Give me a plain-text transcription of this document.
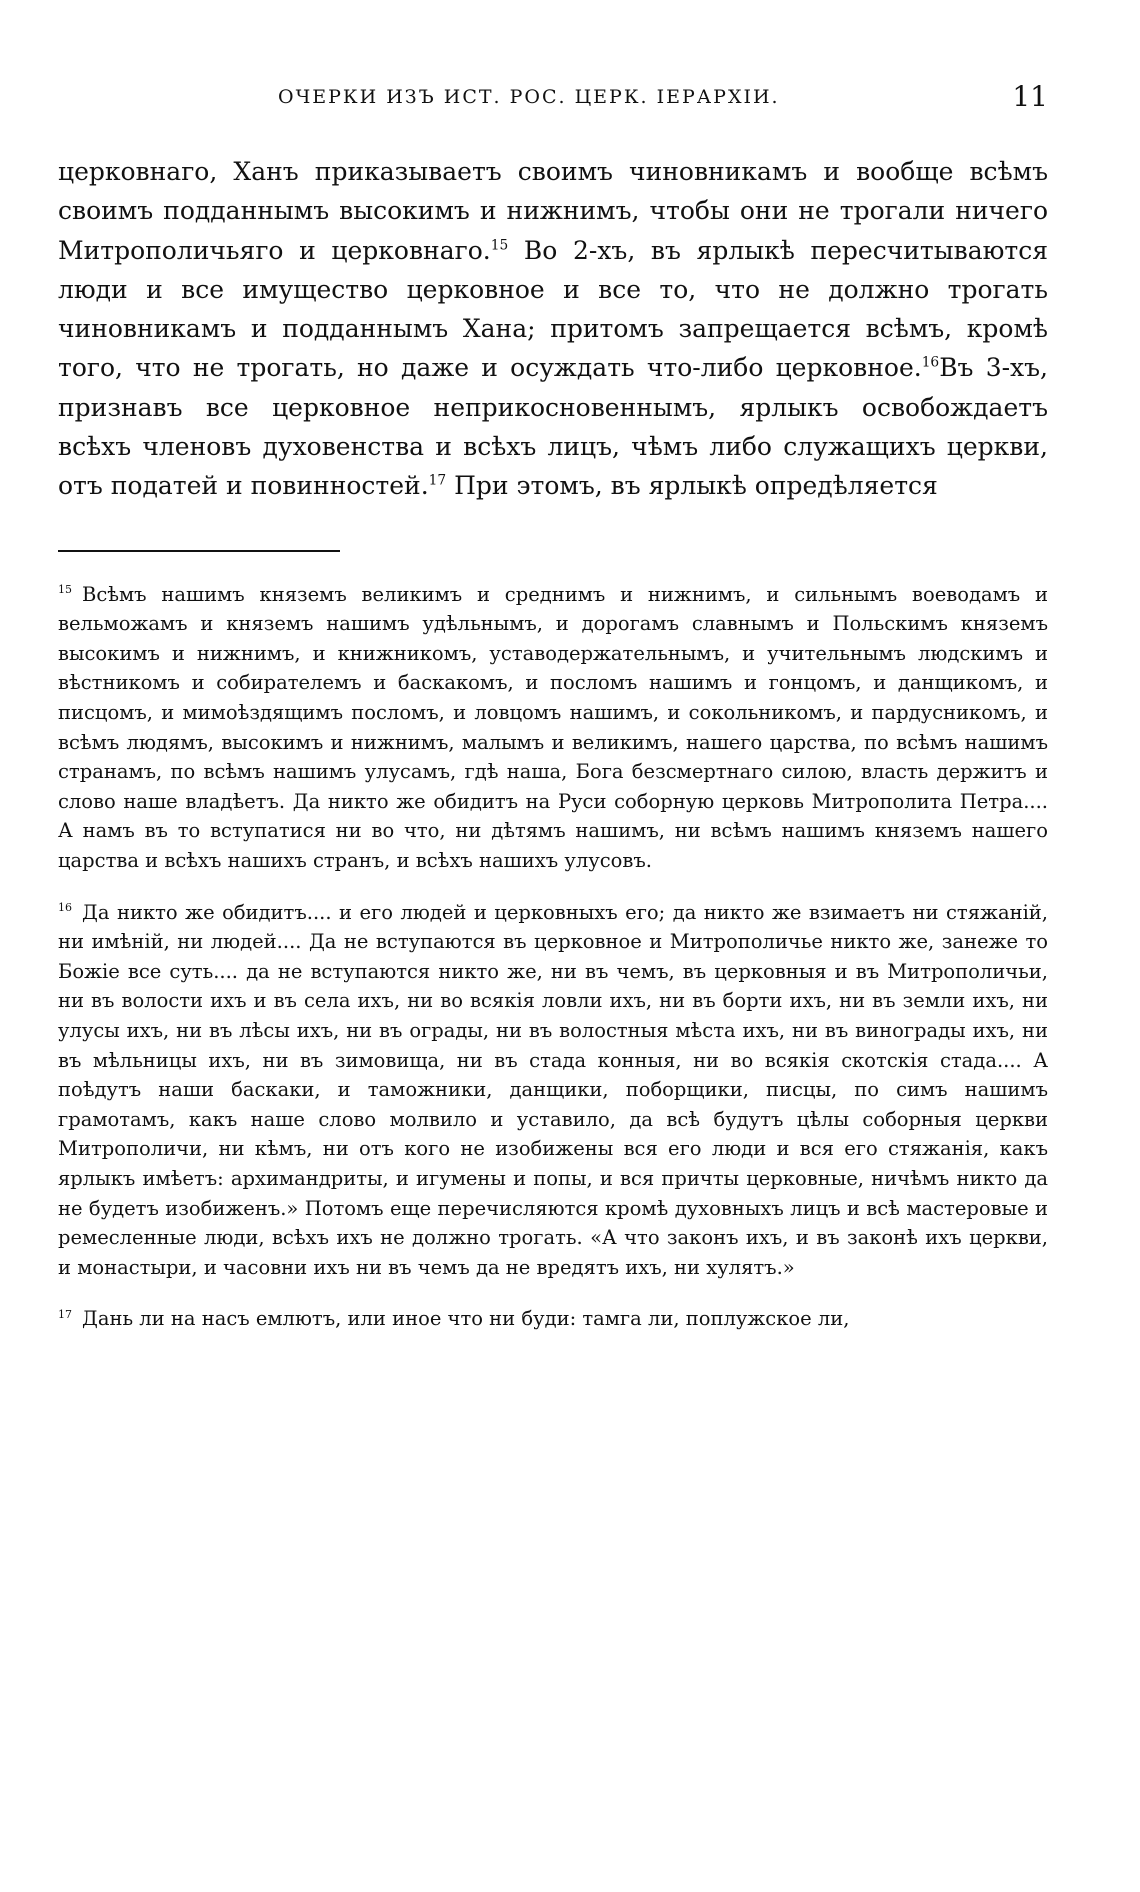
ОЧЕРКИ ИЗЪ ИСТ. РОС. ЦЕРК. ІЕРАРХІИ.	11

церковнаго, Ханъ приказываетъ своимъ чиновникамъ и вообще всѣмъ своимъ подданнымъ высокимъ и нижнимъ, чтобы они не трогали ничего Митрополичьяго и церковнаго.$^{15}$ Во 2-хъ, въ ярлыкѣ пересчитываются люди и все имущество церковное и все то, что не должно трогать чиновникамъ и подданнымъ Хана; притомъ запрещается всѣмъ, кромѣ того, что не трогать, но даже и осуждать что-либо церковное.$^{16}$Въ 3-хъ, признавъ все церковное неприкосновеннымъ, ярлыкъ освобождаетъ всѣхъ членовъ духовенства и всѣхъ лицъ, чѣмъ либо служащихъ церкви, отъ податей и повинностей.$^{17}$ При этомъ, въ ярлыкѣ опредѣляется

$^{15}$ Всѣмъ нашимъ княземъ великимъ и среднимъ и нижнимъ, и сильнымъ воеводамъ и вельможамъ и княземъ нашимъ удѣльнымъ, и дорогамъ славнымъ и Польскимъ княземъ высокимъ и нижнимъ, и книжникомъ, уставодержательнымъ, и учительнымъ людскимъ и вѣстникомъ и собирателемъ и баскакомъ, и посломъ нашимъ и гонцомъ, и данщикомъ, и писцомъ, и мимоѣздящимъ посломъ, и ловцомъ нашимъ, и сокольникомъ, и пардусникомъ, и всѣмъ людямъ, высокимъ и нижнимъ, малымъ и великимъ, нашего царства, по всѣмъ нашимъ странамъ, по всѣмъ нашимъ улусамъ, гдѣ наша, Бога безсмертнаго силою, власть держитъ и слово наше владѣетъ. Да никто же обидитъ на Руси соборную церковь Митрополита Петра.... А намъ въ то вступатися ни во что, ни дѣтямъ нашимъ, ни всѣмъ нашимъ княземъ нашего царства и всѣхъ нашихъ странъ, и всѣхъ нашихъ улусовъ.

$^{16}$ Да никто же обидитъ.... и его людей и церковныхъ его; да никто же взимаетъ ни стяжаній, ни имѣній, ни людей.... Да не вступаются въ церковное и Митрополичье никто же, занеже то Божіе все суть.... да не вступаются никто же, ни въ чемъ, въ церковныя и въ Митрополичьи, ни въ волости ихъ и въ села ихъ, ни во всякія ловли ихъ, ни въ борти ихъ, ни въ земли ихъ, ни улусы ихъ, ни въ лѣсы ихъ, ни въ ограды, ни въ волостныя мѣста ихъ, ни въ винограды ихъ, ни въ мѣльницы ихъ, ни въ зимовища, ни въ стада конныя, ни во всякія скотскія стада.... А поѣдутъ наши баскаки, и таможники, данщики, поборщики, писцы, по симъ нашимъ грамотамъ, какъ наше слово молвило и уставило, да всѣ будутъ цѣлы соборныя церкви Митрополичи, ни кѣмъ, ни отъ кого не изобижены вся его люди и вся его стяжанія, какъ ярлыкъ имѣетъ: архимандриты, и игумены и попы, и вся причты церковные, ничѣмъ никто да не будетъ изобиженъ.» Потомъ еще перечисляются кромѣ духовныхъ лицъ и всѣ мастеровые и ремесленные люди, всѣхъ ихъ не должно трогать. «А что законъ ихъ, и въ законѣ ихъ церкви, и монастыри, и часовни ихъ ни въ чемъ да не вредятъ ихъ, ни хулятъ.»

$^{17}$ Дань ли на насъ емлютъ, или иное что ни буди: тамга ли, поплужское ли,
